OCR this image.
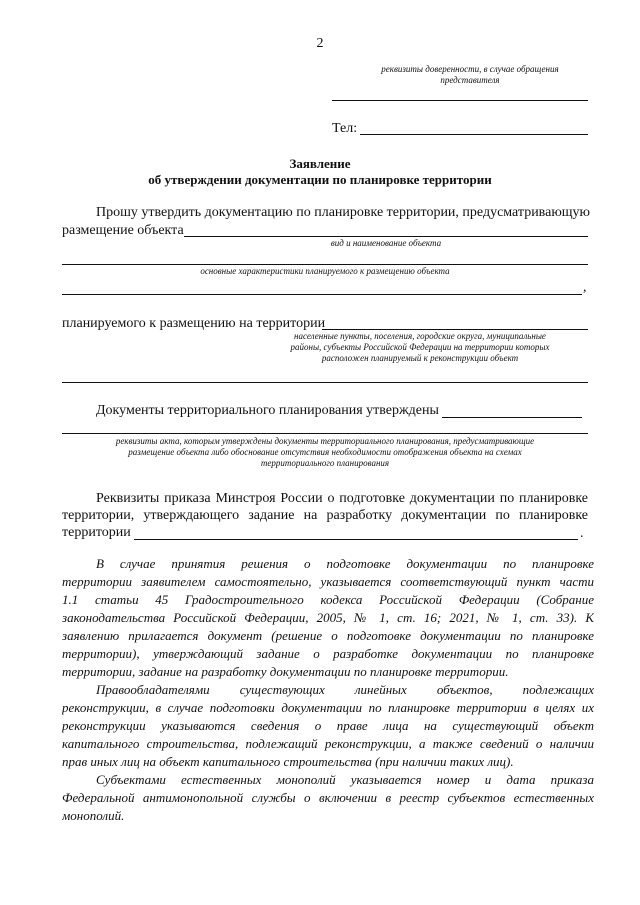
2
реквизиты доверенности, в случае обращения
представителя
Тел:
Заявление
об утверждении документации по планировке территории
Прошу утвердить документацию по планировке территории, предусматривающую
размещение объекта
вид и наименование объекта
основные характеристики планируемого к размещению объекта
,
планируемого к размещению на территории
населенные пункты, поселения, городские округа, муниципальные
районы, субъекты Российской Федерации на территории которых
расположен планируемый к реконструкции объект
Документы территориального планирования утверждены
реквизиты акта, которым утверждены документы территориального планирования, предусматривающие
размещение объекта либо обоснование отсутствия необходимости отображения объекта на схемах
территориального планирования
Реквизиты приказа Минстроя России о подготовке документации по планировке
территории, утверждающего задание на разработку документации по планировке
территории	.
В случае принятия решения о подготовке документации по планировке
территории заявителем самостоятельно, указывается соответствующий пункт части
1.1 статьи 45 Градостроительного кодекса Российской Федерации (Собрание
законодательства Российской Федерации, 2005, № 1, ст. 16; 2021, № 1, ст. 33). К
заявлению прилагается документ (решение о подготовке документации по планировке
территории), утверждающий задание о разработке документации по планировке
территории, задание на разработку документации по планировке территории.
Правообладателями существующих линейных объектов, подлежащих
реконструкции, в случае подготовки документации по планировке территории в целях их
реконструкции указываются сведения о праве лица на существующий объект
капитального строительства, подлежащий реконструкции, а также сведений о наличии
прав иных лиц на объект капитального строительства (при наличии таких лиц).
Субъектами естественных монополий указывается номер и дата приказа
Федеральной антимонопольной службы о включении в реестр субъектов естественных
монополий.
